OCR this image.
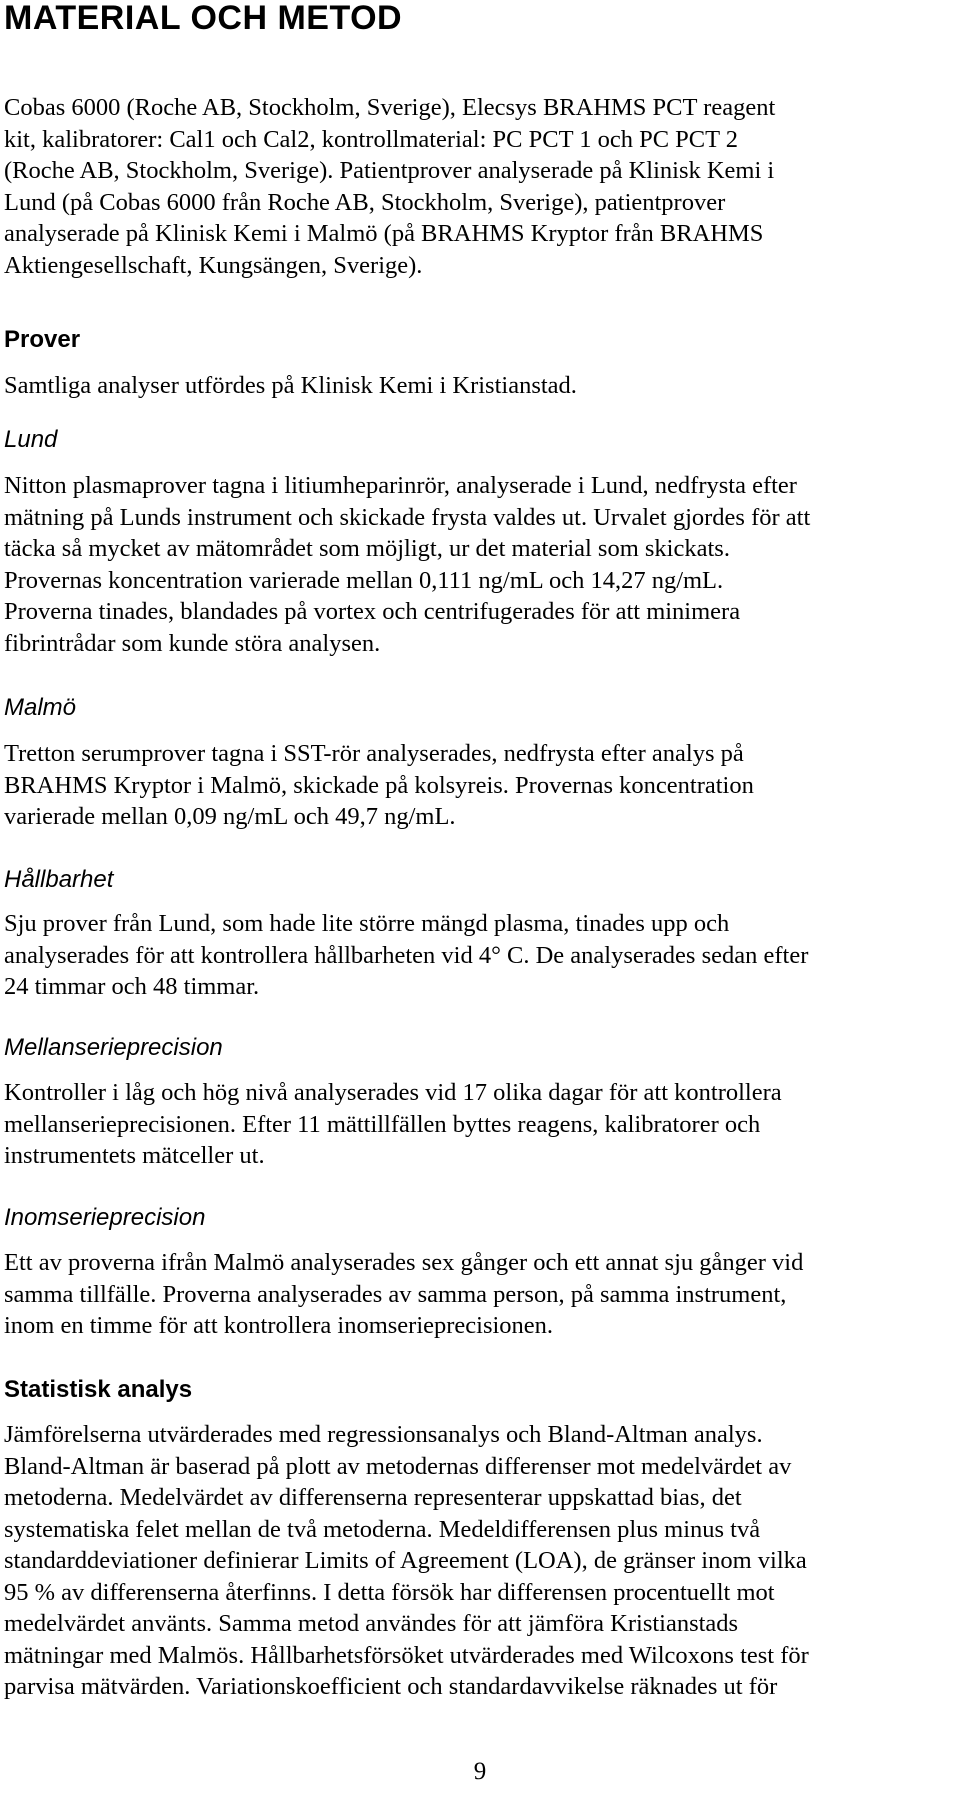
MATERIAL OCH METOD
Cobas 6000 (Roche AB, Stockholm, Sverige), Elecsys BRAHMS PCT reagent
kit, kalibratorer: Cal1 och Cal2, kontrollmaterial: PC PCT 1 och PC PCT 2
(Roche AB, Stockholm, Sverige). Patientprover analyserade på Klinisk Kemi i
Lund (på Cobas 6000 från Roche AB, Stockholm, Sverige), patientprover
analyserade på Klinisk Kemi i Malmö (på BRAHMS Kryptor från BRAHMS
Aktiengesellschaft, Kungsängen, Sverige).
Prover
Samtliga analyser utfördes på Klinisk Kemi i Kristianstad.
Lund
Nitton plasmaprover tagna i litiumheparinrör, analyserade i Lund, nedfrysta efter
mätning på Lunds instrument och skickade frysta valdes ut. Urvalet gjordes för att
täcka så mycket av mätområdet som möjligt, ur det material som skickats.
Provernas koncentration varierade mellan 0,111 ng/mL och 14,27 ng/mL.
Proverna tinades, blandades på vortex och centrifugerades för att minimera
fibrintrådar som kunde störa analysen.
Malmö
Tretton serumprover tagna i SST-rör analyserades, nedfrysta efter analys på
BRAHMS Kryptor i Malmö, skickade på kolsyreis. Provernas koncentration
varierade mellan 0,09 ng/mL och 49,7 ng/mL.
Hållbarhet
Sju prover från Lund, som hade lite större mängd plasma, tinades upp och
analyserades för att kontrollera hållbarheten vid 4° C. De analyserades sedan efter
24 timmar och 48 timmar.
Mellanserieprecision
Kontroller i låg och hög nivå analyserades vid 17 olika dagar för att kontrollera
mellanserieprecisionen. Efter 11 mättillfällen byttes reagens, kalibratorer och
instrumentets mätceller ut.
Inomserieprecision
Ett av proverna ifrån Malmö analyserades sex gånger och ett annat sju gånger vid
samma tillfälle. Proverna analyserades av samma person, på samma instrument,
inom en timme för att kontrollera inomserieprecisionen.
Statistisk analys
Jämförelserna utvärderades med regressionsanalys och Bland-Altman analys.
Bland-Altman är baserad på plott av metodernas differenser mot medelvärdet av
metoderna. Medelvärdet av differenserna representerar uppskattad bias, det
systematiska felet mellan de två metoderna. Medeldifferensen plus minus två
standarddeviationer definierar Limits of Agreement (LOA), de gränser inom vilka
95 % av differenserna återfinns. I detta försök har differensen procentuellt mot
medelvärdet använts. Samma metod användes för att jämföra Kristianstads
mätningar med Malmös. Hållbarhetsförsöket utvärderades med Wilcoxons test för
parvisa mätvärden. Variationskoefficient och standardavvikelse räknades ut för

9
